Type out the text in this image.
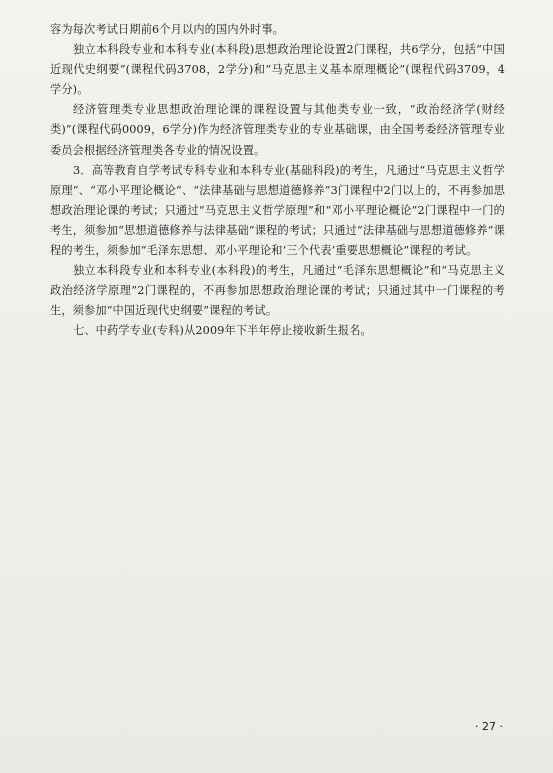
容为每次考试日期前6个月以内的国内外时事。

独立本科段专业和本科专业(本科段)思想政治理论设置2门课程，共6学分，包括“中国近现代史纲要”(课程代码3708，2学分)和“马克思主义基本原理概论”(课程代码3709，4学分)。

经济管理类专业思想政治理论课的课程设置与其他类专业一致，“政治经济学(财经类)”(课程代码0009，6学分)作为经济管理类专业的专业基础课，由全国考委经济管理专业委员会根据经济管理类各专业的情况设置。

3．高等教育自学考试专科专业和本科专业(基础科段)的考生，凡通过“马克思主义哲学原理”、“邓小平理论概论”、“法律基础与思想道德修养”3门课程中2门以上的，不再参加思想政治理论课的考试；只通过“马克思主义哲学原理”和“邓小平理论概论”2门课程中一门的考生，须参加“思想道德修养与法律基础”课程的考试；只通过“法律基础与思想道德修养”课程的考生，须参加“毛泽东思想、邓小平理论和‘三个代表’重要思想概论”课程的考试。

独立本科段专业和本科专业(本科段)的考生，凡通过“毛泽东思想概论”和“马克思主义政治经济学原理”2门课程的，不再参加思想政治理论课的考试；只通过其中一门课程的考生，须参加“中国近现代史纲要”课程的考试。

七、中药学专业(专科)从2009年下半年停止接收新生报名。

· 27 ·
